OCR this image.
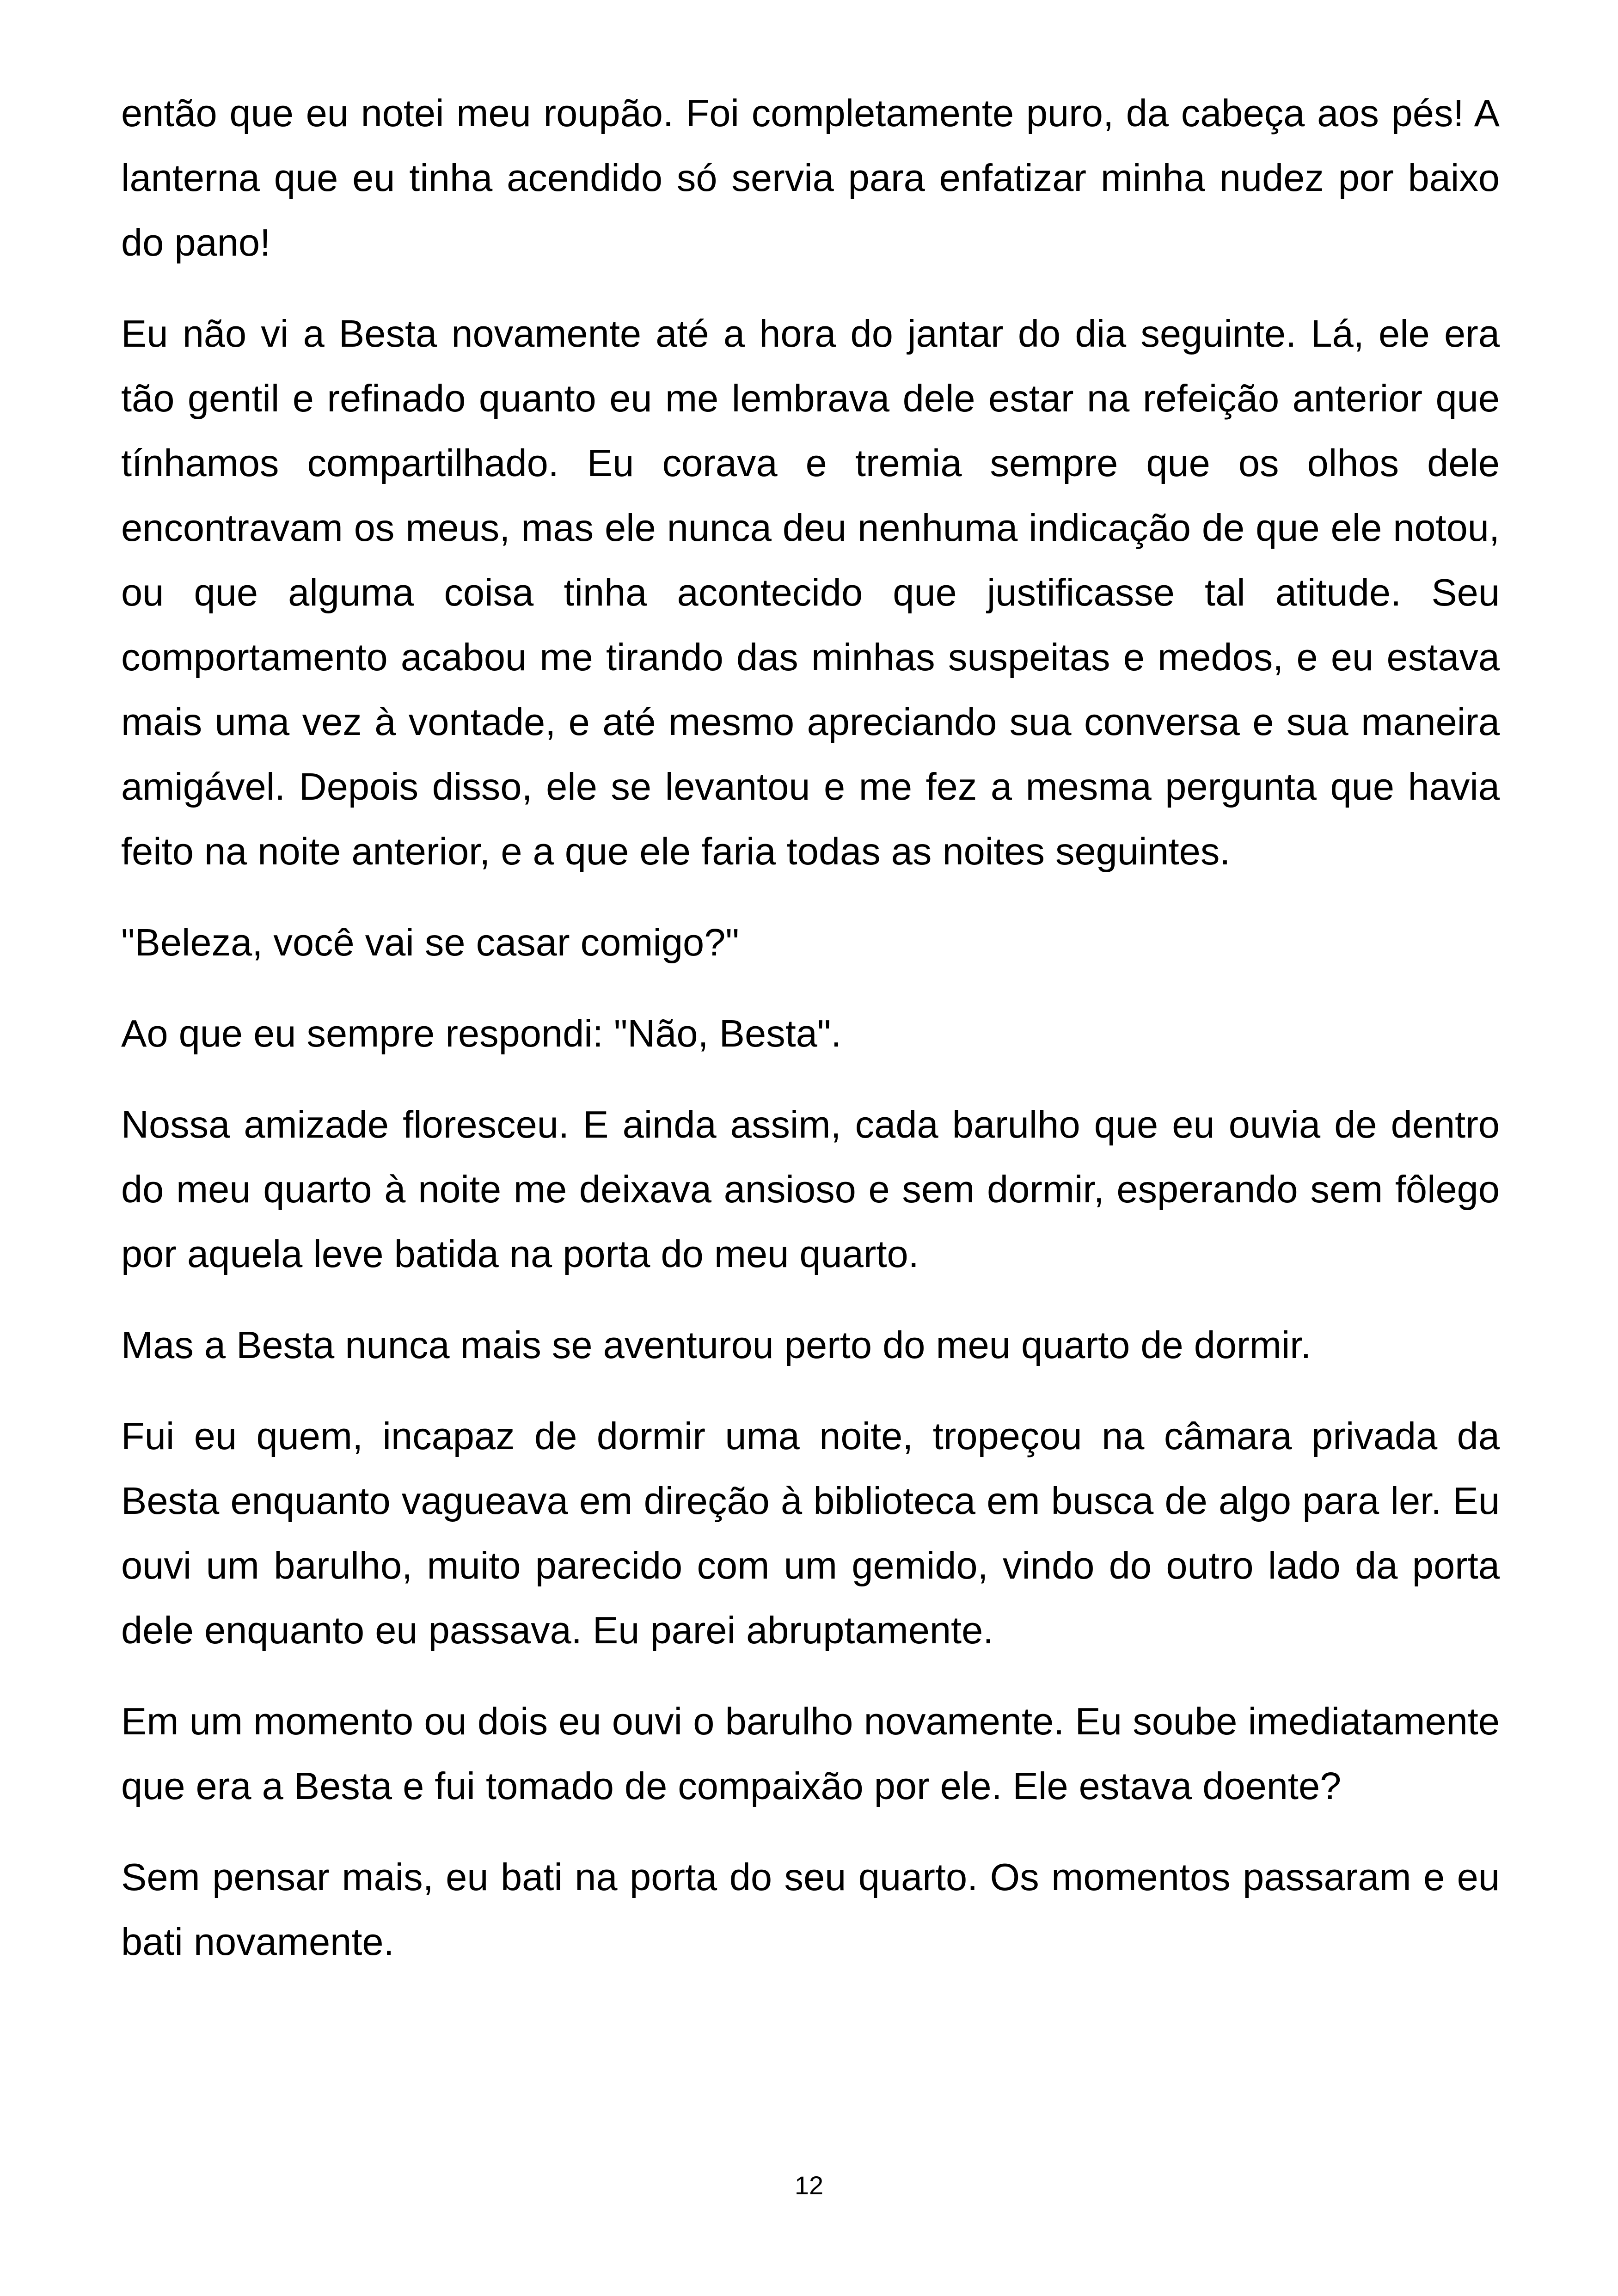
então que eu notei meu roupão. Foi completamente puro, da cabeça aos pés! A lanterna que eu tinha acendido só servia para enfatizar minha nudez por baixo do pano!

Eu não vi a Besta novamente até a hora do jantar do dia seguinte. Lá, ele era tão gentil e refinado quanto eu me lembrava dele estar na refeição anterior que tínhamos compartilhado. Eu corava e tremia sempre que os olhos dele encontravam os meus, mas ele nunca deu nenhuma indicação de que ele notou, ou que alguma coisa tinha acontecido que justificasse tal atitude. Seu comportamento acabou me tirando das minhas suspeitas e medos, e eu estava mais uma vez à vontade, e até mesmo apreciando sua conversa e sua maneira amigável. Depois disso, ele se levantou e me fez a mesma pergunta que havia feito na noite anterior, e a que ele faria todas as noites seguintes.

"Beleza, você vai se casar comigo?"

Ao que eu sempre respondi: "Não, Besta".

Nossa amizade floresceu. E ainda assim, cada barulho que eu ouvia de dentro do meu quarto à noite me deixava ansioso e sem dormir, esperando sem fôlego por aquela leve batida na porta do meu quarto.

Mas a Besta nunca mais se aventurou perto do meu quarto de dormir.

Fui eu quem, incapaz de dormir uma noite, tropeçou na câmara privada da Besta enquanto vagueava em direção à biblioteca em busca de algo para ler. Eu ouvi um barulho, muito parecido com um gemido, vindo do outro lado da porta dele enquanto eu passava. Eu parei abruptamente.

Em um momento ou dois eu ouvi o barulho novamente. Eu soube imediatamente que era a Besta e fui tomado de compaixão por ele. Ele estava doente?

Sem pensar mais, eu bati na porta do seu quarto. Os momentos passaram e eu bati novamente.

12
